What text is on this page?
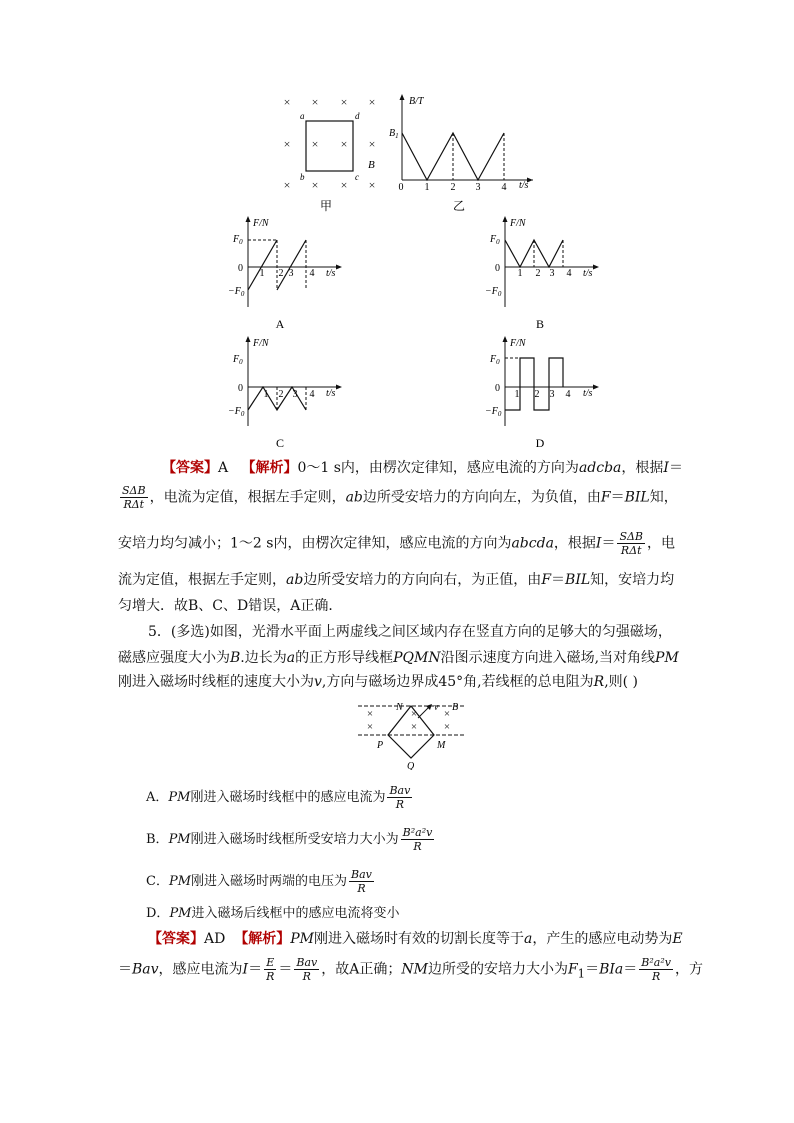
× × × ×
× × × ×
× × × ×
a	d
b	c
B
甲
B/T
t/s
$B_1$
0 1 2 3 4
乙
F/N
t/s
$F_0$
0
$-F_0$
1 2 3 4
A
F/N
t/s
$F_0$
0
$-F_0$
1 2 3 4
B
F/N
t/s
$F_0$
0
$-F_0$
1 2 3 4
C
F/N
t/s
$F_0$
0
$-F_0$
1 2 3 4
D
【答案】A 【解析】0～1 s内，由楞次定律知，感应电流的方向为adcba，根据I＝
$\frac{\text{SΔB}}{\text{RΔt}}$ ，电流为定值，根据左手定则，ab边所受安培力的方向向左，为负值，由F＝BIL知，
安培力均匀减小；1～2 s内，由楞次定律知，感应电流的方向为abcda，根据$I= \frac{\text{SΔB}}{\text{RΔt}}$ ，电
流为定值，根据左手定则，ab边所受安培力的方向向右，为正值，由F＝BIL知，安培力均
匀增大．故B、C、D错误，A正确．
5．(多选)如图，光滑水平面上两虚线之间区域内存在竖直方向的足够大的匀强磁场，
磁感应强度大小为B.边长为a的正方形导线框PQMN沿图示速度方向进入磁场,当对角线PM
刚进入磁场时线框的速度大小为v,方向与磁场边界成45°角,若线框的总电阻为R,则( )
×	× ×
×	× ×
N	v B
P	M
Q
A．PM刚进入磁场时线框中的感应电流为 $\frac{\text{Bav}}{R}$
B．PM刚进入磁场时线框所受安培力大小为 $\frac{\text{B²a²v}}{R}$
C．PM刚进入磁场时两端的电压为 $\frac{\text{Bav}}{R}$
D．PM进入磁场后线框中的感应电流将变小
【答案】AD 【解析】PM刚进入磁场时有效的切割长度等于a，产生的感应电动势为E
＝Bav，感应电流为$I= \frac{E}{R} = \frac{\text{Bav}}{R}$ ，故A正确；NM边所受的安培力大小为$F_1=BIa= \frac{\text{B²a²v}}{R}$ ，方
